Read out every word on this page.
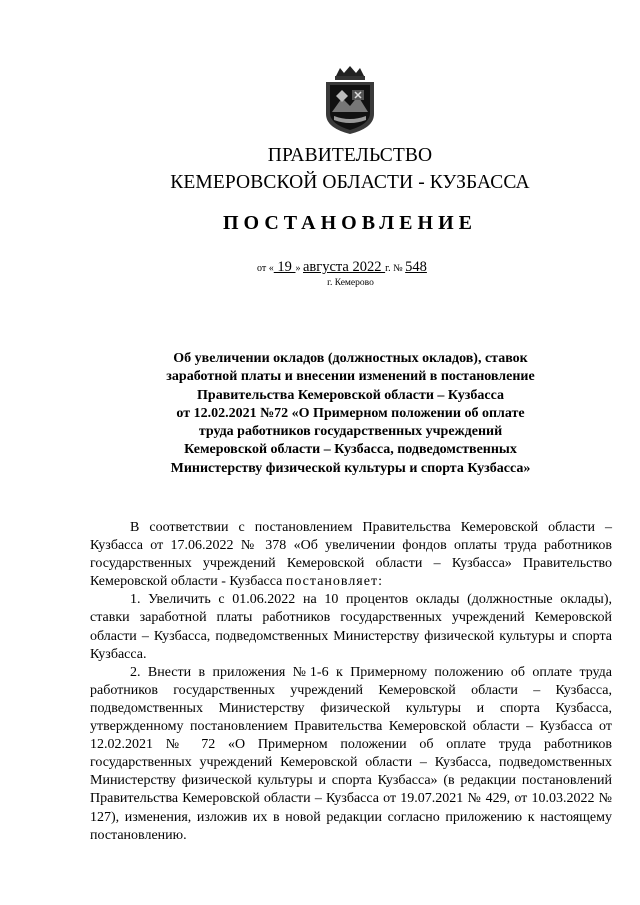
ПРАВИТЕЛЬСТВО
КЕМЕРОВСКОЙ ОБЛАСТИ - КУЗБАССА
ПОСТАНОВЛЕНИЕ
от « 19 » августа 2022 г. № 548
г. Кемерово
Об увеличении окладов (должностных окладов), ставок
заработной платы и внесении изменений в постановление
Правительства Кемеровской области – Кузбасса
от 12.02.2021 №72 «О Примерном положении об оплате
труда работников государственных учреждений
Кемеровской области – Кузбасса, подведомственных
Министерству физической культуры и спорта Кузбасса»

В соответствии с постановлением Правительства Кемеровской области – Кузбасса от 17.06.2022 № 378 «Об увеличении фондов оплаты труда работников государственных учреждений Кемеровской области – Кузбасса» Правительство Кемеровской области - Кузбасса постановляет:

1. Увеличить с 01.06.2022 на 10 процентов оклады (должностные оклады), ставки заработной платы работников государственных учреждений Кемеровской области – Кузбасса, подведомственных Министерству физической культуры и спорта Кузбасса.

2. Внести в приложения №1-6 к Примерному положению об оплате труда работников государственных учреждений Кемеровской области – Кузбасса, подведомственных Министерству физической культуры и спорта Кузбасса, утвержденному постановлением Правительства Кемеровской области – Кузбасса от 12.02.2021 № 72 «О Примерном положении об оплате труда работников государственных учреждений Кемеровской области – Кузбасса, подведомственных Министерству физической культуры и спорта Кузбасса» (в редакции постановлений Правительства Кемеровской области – Кузбасса от 19.07.2021 № 429, от 10.03.2022 № 127), изменения, изложив их в новой редакции согласно приложению к настоящему постановлению.
